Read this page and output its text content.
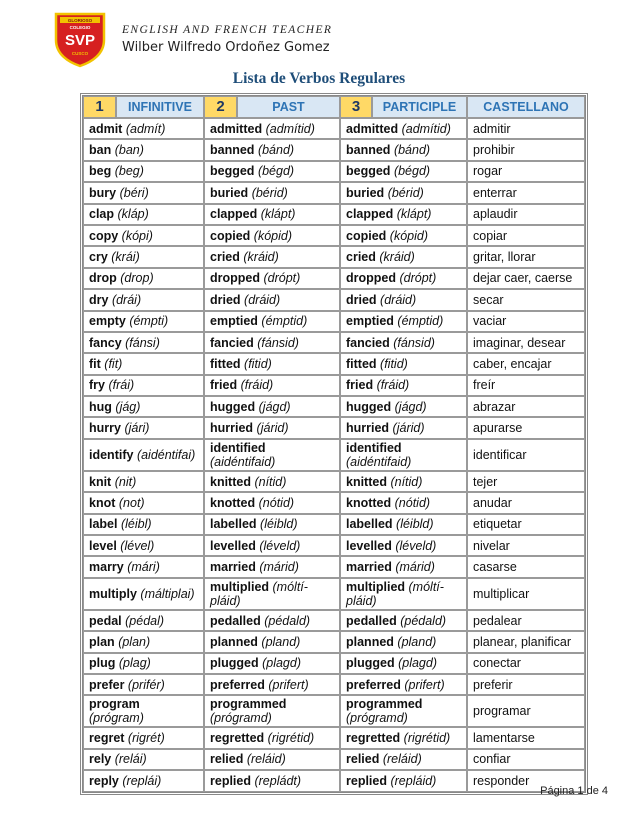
GLORIOSO
COLEGIO
SVP
CUSCO
ENGLISH AND FRENCH TEACHER
Wilber Wilfredo Ordoñez Gomez
Lista de Verbos Regulares
1	INFINITIVE	2	PAST	3	PARTICIPLE	CASTELLANO
admit (admít)		admitted (admítid)		admitted (admítid)		admitir
ban (ban)		banned (bánd)		banned (bánd)		prohibir
beg (beg)		begged (bégd)		begged (bégd)		rogar
bury (béri)		buried (bérid)		buried (bérid)		enterrar
clap (kláp)		clapped (klápt)		clapped (klápt)		aplaudir
copy (kópi)		copied (kópid)		copied (kópid)		copiar
cry (krái)		cried (kráid)		cried (kráid)		gritar, llorar
drop (drop)		dropped (drópt)		dropped (drópt)		dejar caer, caerse
dry (drái)		dried (dráid)		dried (dráid)		secar
empty (émpti)		emptied (émptid)		emptied (émptid)		vaciar
fancy (fánsi)		fancied (fánsid)		fancied (fánsid)		imaginar, desear
fit (fit)		fitted (fitid)		fitted (fitid)		caber, encajar
fry (frái)		fried (fráid)		fried (fráid)		freír
hug (jág)		hugged (jágd)		hugged (jágd)		abrazar
hurry (jári)		hurried (járid)		hurried (járid)		apurarse
identify (aidéntifai)		identified (aidéntifaid)		identified (aidéntifaid)		identificar
knit (nit)		knitted (nítid)		knitted (nítid)		tejer
knot (not)		knotted (nótid)		knotted (nótid)		anudar
label (léibl)		labelled (léibld)		labelled (léibld)		etiquetar
level (lével)		levelled (léveld)		levelled (léveld)		nivelar
marry (mári)		married (márid)		married (márid)		casarse
multiply (máltiplai)		multiplied (móltí-pláid)		multiplied (móltí-pláid)		multiplicar
pedal (pédal)		pedalled (pédald)		pedalled (pédald)		pedalear
plan (plan)		planned (pland)		planned (pland)		planear, planificar
plug (plag)		plugged (plagd)		plugged (plagd)		conectar
prefer (prifér)		preferred (prifert)		preferred (prifert)		preferir
program (prógram)		programmed (prógramd)		programmed (prógramd)		programar
regret (rigrét)		regretted (rigrétid)		regretted (rigrétid)		lamentarse
rely (relái)		relied (reláid)		relied (reláid)		confiar
reply (replái)		replied (repládt)		replied (repláid)		responder
Página 1 de 4
